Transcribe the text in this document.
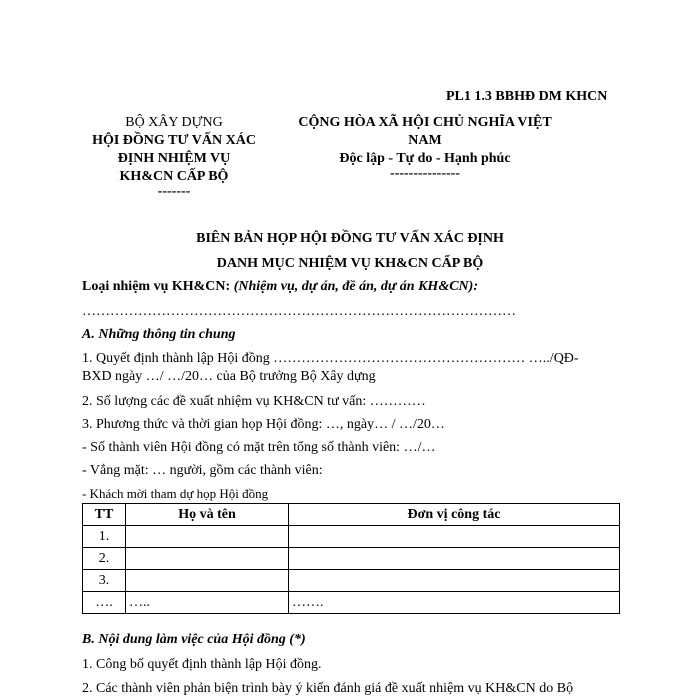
PL1 1.3 BBHĐ DM KHCN
BỘ XÂY DỰNG
HỘI ĐỒNG TƯ VẤN XÁC
ĐỊNH NHIỆM VỤ
KH&CN CẤP BỘ
-------
CỘNG HÒA XÃ HỘI CHỦ NGHĨA VIỆT
NAM
Độc lập - Tự do - Hạnh phúc
---------------
BIÊN BẢN HỌP HỘI ĐỒNG TƯ VẤN XÁC ĐỊNH
DANH MỤC NHIỆM VỤ KH&CN CẤP BỘ
Loại nhiệm vụ KH&CN: (Nhiệm vụ, dự án, đề án, dự án KH&CN):
…………………………………………………………………………………
A. Những thông tin chung
1. Quyết định thành lập Hội đồng ……………………………………………… …../QĐ-
BXD ngày …/ …/20… của Bộ trưởng Bộ Xây dựng
2. Số lượng các đề xuất nhiệm vụ KH&CN tư vấn: …………
3. Phương thức và thời gian họp Hội đồng: …, ngày… / …/20…
- Số thành viên Hội đồng có mặt trên tổng số thành viên: …/…
- Vắng mặt: … người, gồm các thành viên:
- Khách mời tham dự họp Hội đồng
TT	Họ và tên	Đơn vị công tác
1.		
2.		
3.		
….	…..	…….
B. Nội dung làm việc của Hội đồng (*)
1. Công bố quyết định thành lập Hội đồng.
2. Các thành viên phản biện trình bày ý kiến đánh giá đề xuất nhiệm vụ KH&CN do Bộ
